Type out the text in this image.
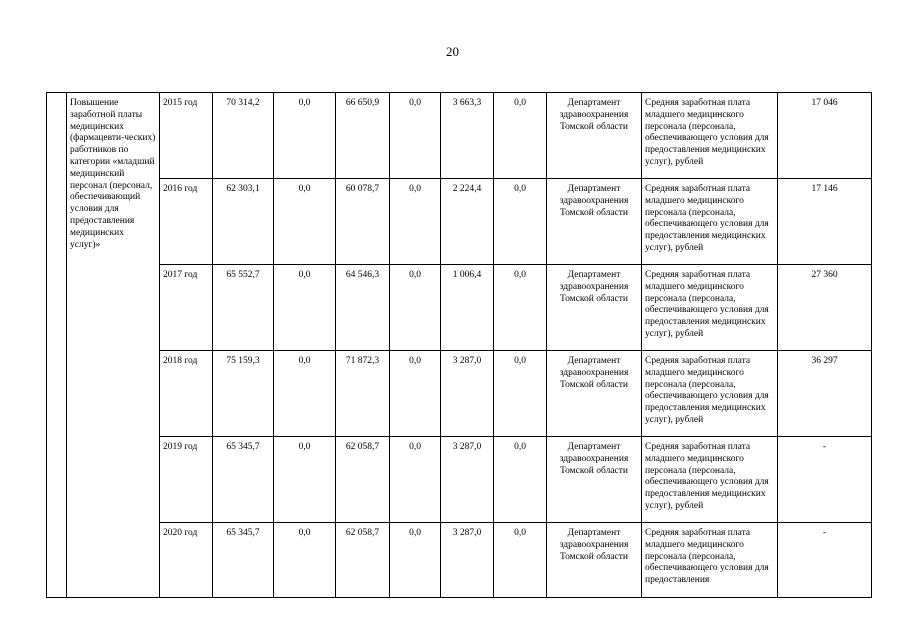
20
	Повышение заработной платы медицинских (фармацевти-ческих) работников по категории «младший медицинский персонал (персонал, обеспечивающий условия для предоставления медицинских услуг)»	2015 год	70 314,2	0,0	66 650,9	0,0	3 663,3	0,0	Департамент здравоохранения Томской области	Средняя заработная плата младшего медицинского персонала (персонала, обеспечивающего условия для предоставления медицинских услуг), рублей	17 046
		2016 год	62 303,1	0,0	60 078,7	0,0	2 224,4	0,0	Департамент здравоохранения Томской области	Средняя заработная плата младшего медицинского персонала (персонала, обеспечивающего условия для предоставления медицинских услуг), рублей	17 146
		2017 год	65 552,7	0,0	64 546,3	0,0	1 006,4	0,0	Департамент здравоохранения Томской области	Средняя заработная плата младшего медицинского персонала (персонала, обеспечивающего условия для предоставления медицинских услуг), рублей	27 360
		2018 год	75 159,3	0,0	71 872,3	0,0	3 287,0	0,0	Департамент здравоохранения Томской области	Средняя заработная плата младшего медицинского персонала (персонала, обеспечивающего условия для предоставления медицинских услуг), рублей	36 297
		2019 год	65 345,7	0,0	62 058,7	0,0	3 287,0	0,0	Департамент здравоохранения Томской области	Средняя заработная плата младшего медицинского персонала (персонала, обеспечивающего условия для предоставления медицинских услуг), рублей	-
		2020 год	65 345,7	0,0	62 058,7	0,0	3 287,0	0,0	Департамент здравоохранения Томской области	Средняя заработная плата младшего медицинского персонала (персонала, обеспечивающего условия для предоставления	-
